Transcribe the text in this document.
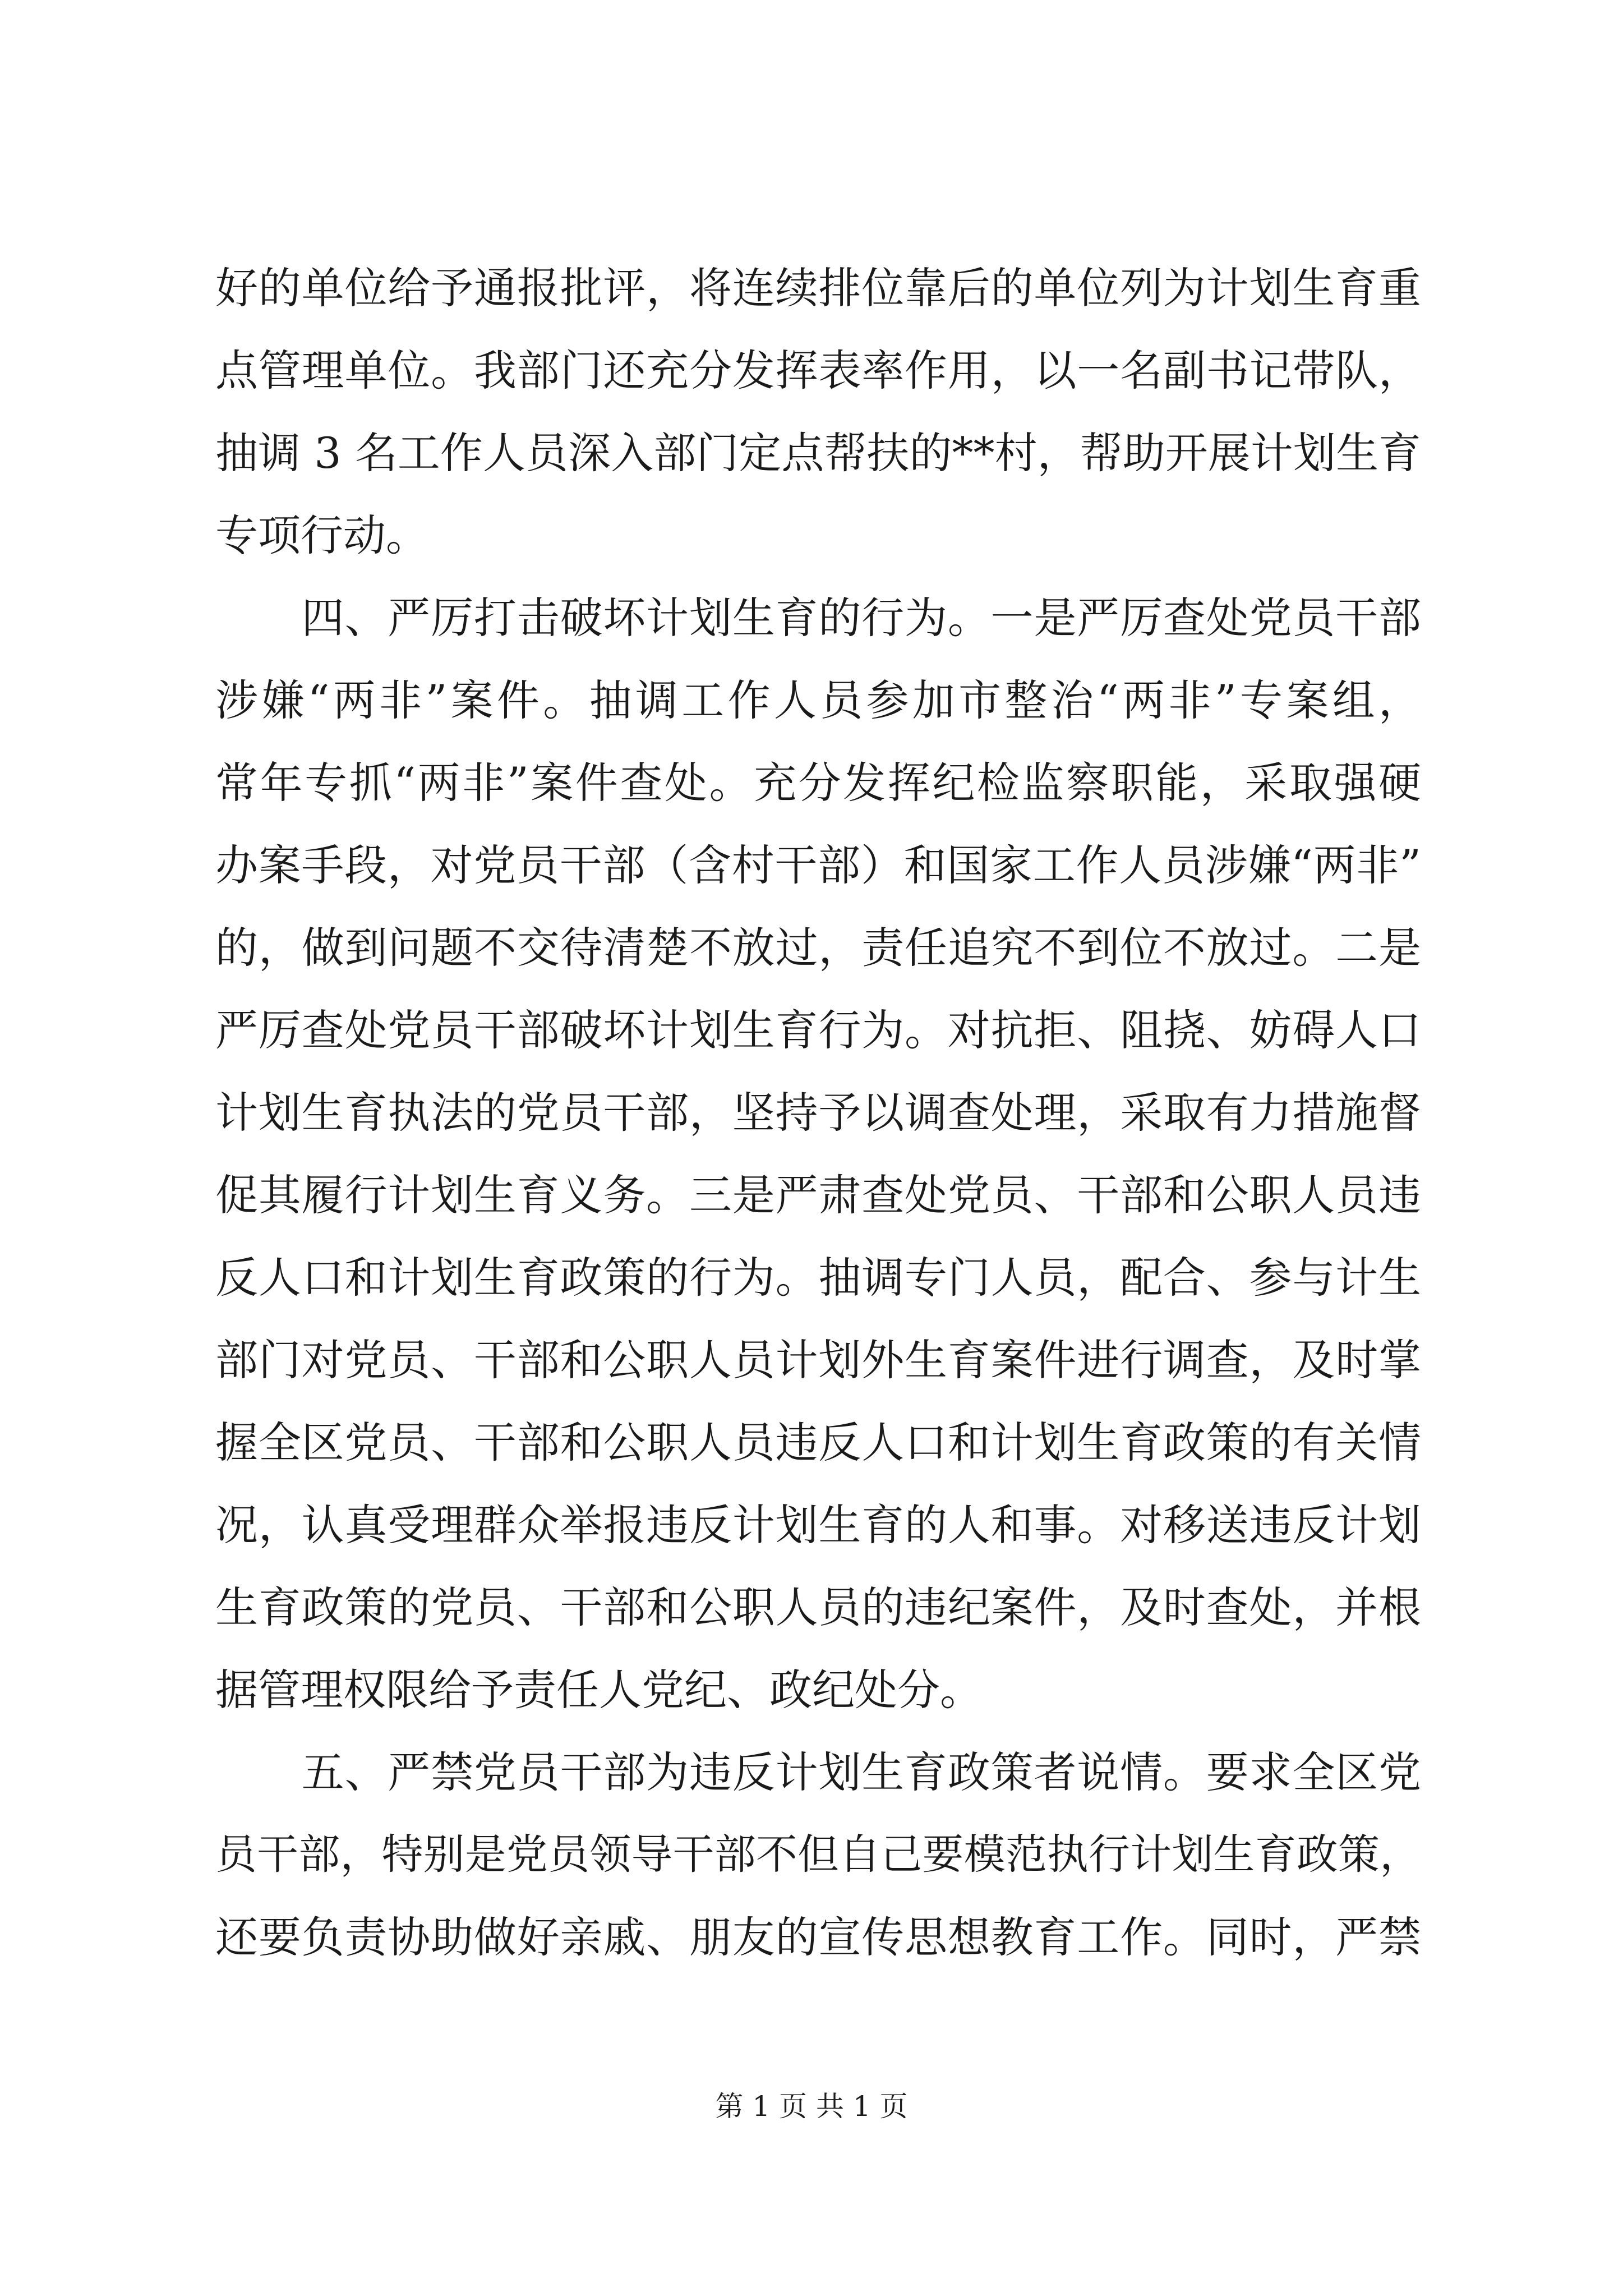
好的单位给予通报批评，将连续排位靠后的单位列为计划生育重
点管理单位。我部门还充分发挥表率作用，以一名副书记带队，
抽调 3 名工作人员深入部门定点帮扶的**村，帮助开展计划生育
专项行动。
　　四、严厉打击破坏计划生育的行为。一是严厉查处党员干部
涉嫌“两非”案件。抽调工作人员参加市整治“两非”专案组，
常年专抓“两非”案件查处。充分发挥纪检监察职能，采取强硬
办案手段，对党员干部（含村干部）和国家工作人员涉嫌“两非”
的，做到问题不交待清楚不放过，责任追究不到位不放过。二是
严厉查处党员干部破坏计划生育行为。对抗拒、阻挠、妨碍人口
计划生育执法的党员干部，坚持予以调查处理，采取有力措施督
促其履行计划生育义务。三是严肃查处党员、干部和公职人员违
反人口和计划生育政策的行为。抽调专门人员，配合、参与计生
部门对党员、干部和公职人员计划外生育案件进行调查，及时掌
握全区党员、干部和公职人员违反人口和计划生育政策的有关情
况，认真受理群众举报违反计划生育的人和事。对移送违反计划
生育政策的党员、干部和公职人员的违纪案件，及时查处，并根
据管理权限给予责任人党纪、政纪处分。
　　五、严禁党员干部为违反计划生育政策者说情。要求全区党
员干部，特别是党员领导干部不但自己要模范执行计划生育政策，
还要负责协助做好亲戚、朋友的宣传思想教育工作。同时，严禁
第 1 页 共 1 页
